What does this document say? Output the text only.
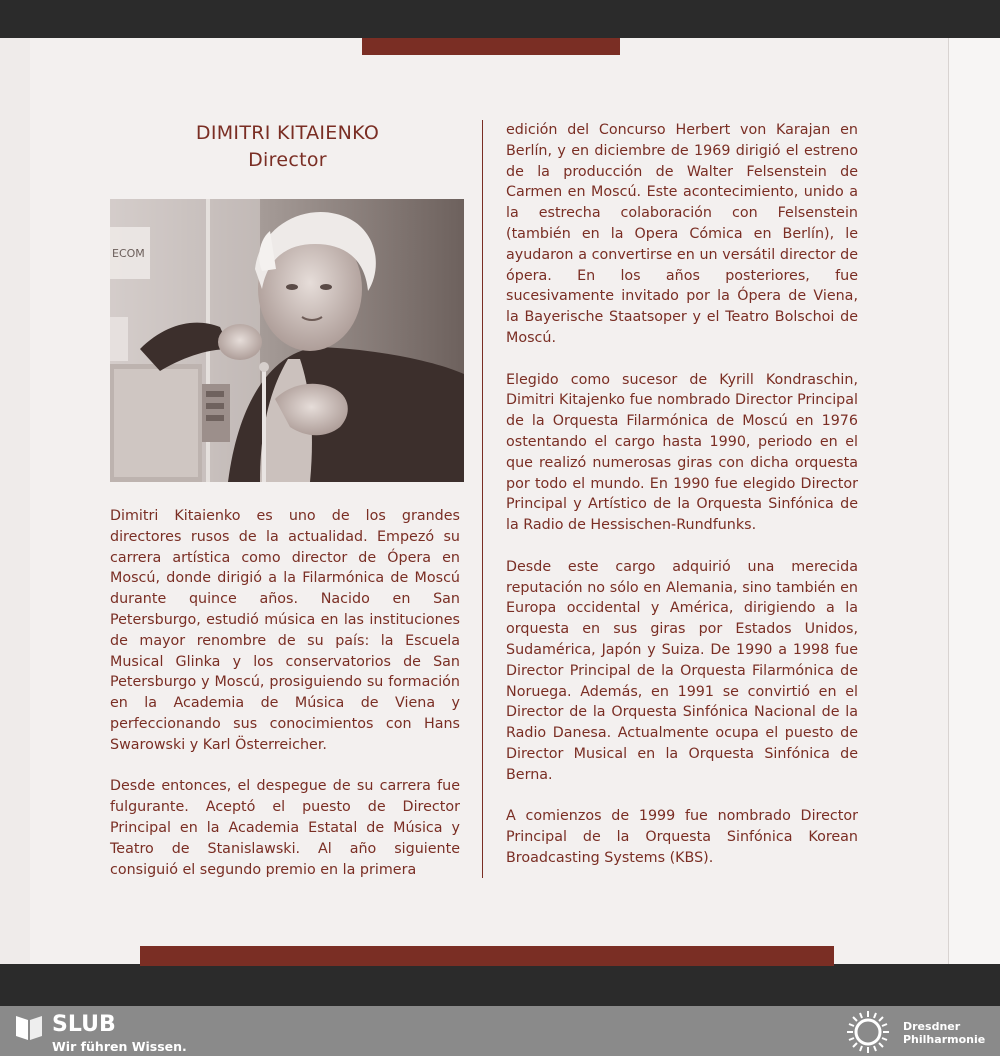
DIMITRI KITAIENKO
Director
ECOM

Dimitri Kitaienko es uno de los grandes directores rusos de la actualidad. Empezó su carrera artística como director de Ópera en Moscú, donde dirigió a la Filarmónica de Moscú durante quince años. Nacido en San Petersburgo, estudió música en las instituciones de mayor renombre de su país: la Escuela Musical Glinka y los conservatorios de San Petersburgo y Moscú, prosiguiendo su formación en la Academia de Música de Viena y perfeccionando sus conocimientos con Hans Swarowski y Karl Österreicher.

Desde entonces, el despegue de su carrera fue fulgurante. Aceptó el puesto de Director Principal en la Academia Estatal de Música y Teatro de Stanislawski. Al año siguiente consiguió el segundo premio en la primera

edición del Concurso Herbert von Karajan en Berlín, y en diciembre de 1969 dirigió el estreno de la producción de Walter Felsenstein de Carmen en Moscú. Este acontecimiento, unido a la estrecha colaboración con Felsenstein (también en la Opera Cómica en Berlín), le ayudaron a convertirse en un versátil director de ópera. En los años posteriores, fue sucesivamente invitado por la Ópera de Viena, la Bayerische Staatsoper y el Teatro Bolschoi de Moscú.

Elegido como sucesor de Kyrill Kondraschin, Dimitri Kitajenko fue nombrado Director Principal de la Orquesta Filarmónica de Moscú en 1976 ostentando el cargo hasta 1990, periodo en el que realizó numerosas giras con dicha orquesta por todo el mundo. En 1990 fue elegido Director Principal y Artístico de la Orquesta Sinfónica de la Radio de Hessischen-Rundfunks.

Desde este cargo adquirió una merecida reputación no sólo en Alemania, sino también en Europa occidental y América, dirigiendo a la orquesta en sus giras por Estados Unidos, Sudamérica, Japón y Suiza. De 1990 a 1998 fue Director Principal de la Orquesta Filarmónica de Noruega. Además, en 1991 se convirtió en el Director de la Orquesta Sinfónica Nacional de la Radio Danesa. Actualmente ocupa el puesto de Director Musical en la Orquesta Sinfónica de Berna.

A comienzos de 1999 fue nombrado Director Principal de la Orquesta Sinfónica Korean Broadcasting Systems (KBS).

SLUB
Wir führen Wissen.
Dresdner
Philharmonie
